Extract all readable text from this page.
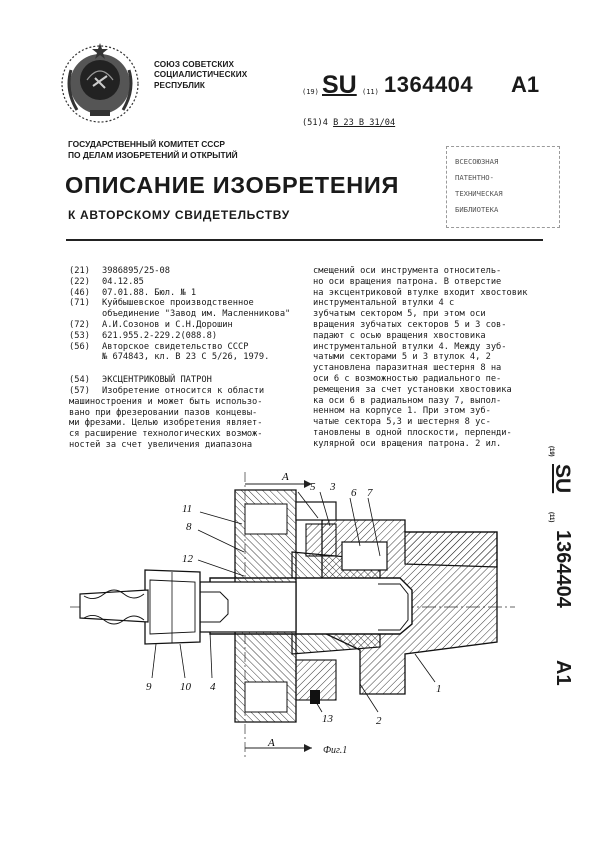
СОЮЗ СОВЕТСКИХ
СОЦИАЛИСТИЧЕСКИХ
РЕСПУБЛИК
(19) SU (11) 1364404 A1
(51)4 В 23 В 31/04
ГОСУДАРСТВЕННЫЙ КОМИТЕТ СССР
ПО ДЕЛАМ ИЗОБРЕТЕНИЙ И ОТКРЫТИЙ
ВСЕСОЮЗНАЯ
ПАТЕНТНО-
ТЕХНИЧЕСКАЯ
БИБЛИОТЕКА
ОПИСАНИЕ ИЗОБРЕТЕНИЯ
К АВТОРСКОМУ СВИДЕТЕЛЬСТВУ
(21)	3986895/25-08
(22)	04.12.85
(46)	07.01.88. Бюл. № 1
(71)	Куйбышевское производственное
объединение "Завод им. Масленникова"
(72)	А.И.Созонов и С.Н.Дорошин
(53)	621.955.2-229.2(088.8)
(56)	Авторское свидетельство СССР
№ 674843, кл. В 23 С 5/26, 1979.
(54)	ЭКСЦЕНТРИКОВЫЙ ПАТРОН
(57)	Изобретение относится к области
машиностроения и может быть использо-
вано при фрезеровании пазов концевы-
ми фрезами. Целью изобретения являет-
ся расширение технологических возмож-
ностей за счет увеличения диапазона
смещений оси инструмента относитель-
но оси вращения патрона. В отверстие
на эксцентриковой втулке входит хвостовик
инструментальной втулки 4 с
зубчатым сектором 5, при этом оси
вращения зубчатых секторов 5 и 3 сов-
падают с осью вращения хвостовика
инструментальной втулки 4. Между зуб-
чатыми секторами 5 и 3 втулок 4, 2
установлена паразитная шестерня 8 на
оси 6 с возможностью радиального пе-
ремещения за счет установки хвостовика
ка оси 6 в радиальном пазу 7, выпол-
ненном на корпусе 1. При этом зуб-
чатые сектора 5,3 и шестерня 8 ус-
тановлены в одной плоскости, перпенди-
кулярной оси вращения патрона. 2 ил.
(19)
SU
(11)
1364404
A1
А
А
5 3 6 7
11
8
12
9	10 4
13	2
1
Фиг.1
